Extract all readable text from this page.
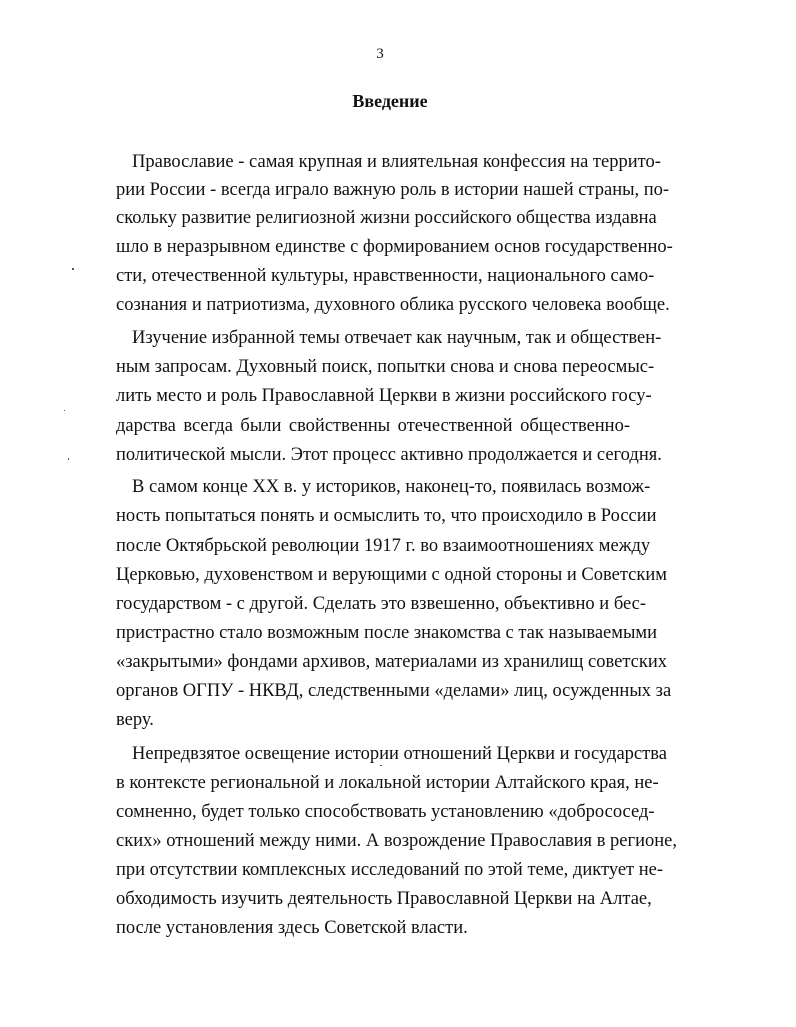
3
Введение
Православие - самая крупная и влиятельная конфессия на террито-
рии России - всегда играло важную роль в истории нашей страны, по-
скольку развитие религиозной жизни российского общества издавна
шло в неразрывном единстве с формированием основ государственно-
сти, отечественной культуры, нравственности, национального само-
сознания и патриотизма, духовного облика русского человека вообще.
Изучение избранной темы отвечает как научным, так и обществен-
ным запросам. Духовный поиск, попытки снова и снова переосмыс-
лить место и роль Православной Церкви в жизни российского госу-
дарства всегда были свойственны отечественной общественно-
политической мысли. Этот процесс активно продолжается и сегодня.
В самом конце XX в. у историков, наконец-то, появилась возмож-
ность попытаться понять и осмыслить то, что происходило в России
после Октябрьской революции 1917 г. во взаимоотношениях между
Церковью, духовенством и верующими с одной стороны и Советским
государством - с другой. Сделать это взвешенно, объективно и бес-
пристрастно стало возможным после знакомства с так называемыми
«закрытыми» фондами архивов, материалами из хранилищ советских
органов ОГПУ - НКВД, следственными «делами» лиц, осужденных за
веру.
Непредвзятое освещение истории отношений Церкви и государства
в контексте региональной и локальной истории Алтайского края, не-
сомненно, будет только способствовать установлению «добрососед-
ских» отношений между ними. А возрождение Православия в регионе,
при отсутствии комплексных исследований по этой теме, диктует не-
обходимость изучить деятельность Православной Церкви на Алтае,
после установления здесь Советской власти.
